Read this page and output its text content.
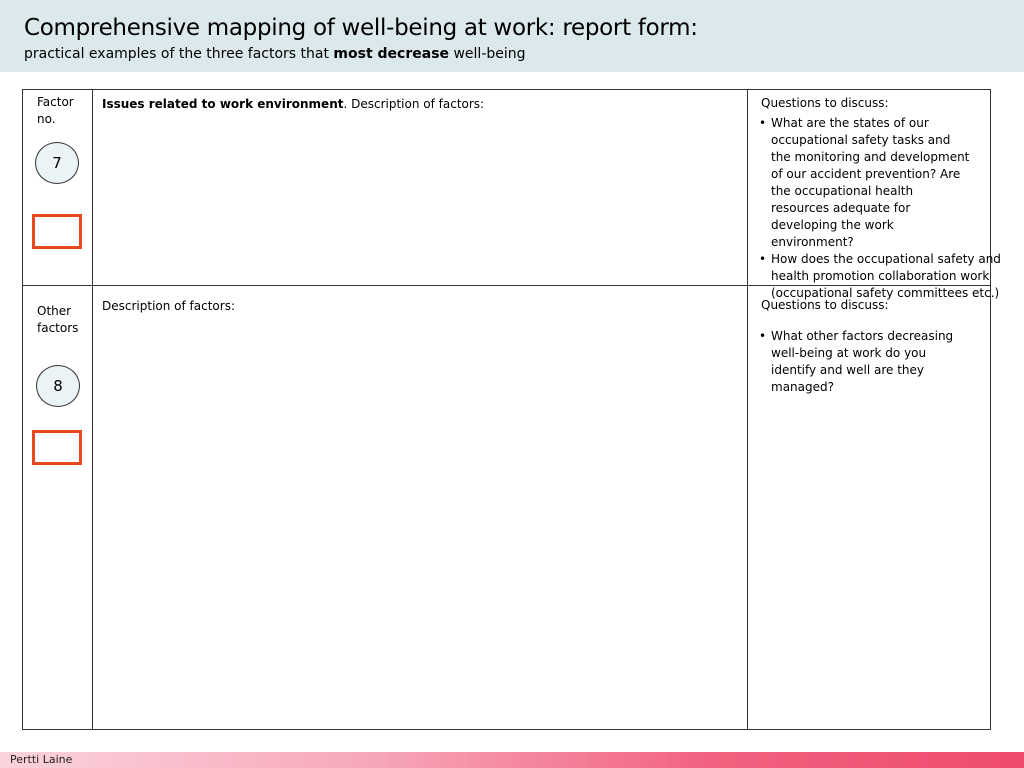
Comprehensive mapping of well-being at work: report form:
practical examples of the three factors that most decrease well-being
Factor
no.
7
Issues related to work environment. Description of factors:	Questions to discuss:
• What are the states of our occupational safety tasks and the monitoring and development of our accident prevention? Are the occupational health resources adequate for developing the work environment?
• How does the occupational safety and health promotion collaboration work (occupational safety committees etc.)
Other
factors
8
Description of factors:	Questions to discuss:
• What other factors decreasing well-being at work do you identify and well are they managed?
Pertti Laine
